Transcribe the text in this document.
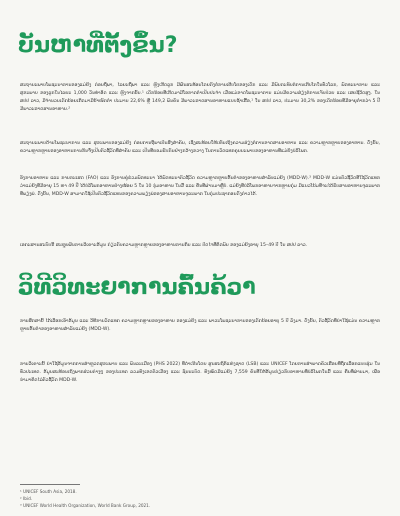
ບັນຫາທີ່ຕັ້ງຂຶ້ນ?

ສະຖານະພາບໂພຊະນາການຂອງແມ່ຍິງ ກ່ອນຖືພາ, ໄລຍະຖືພາ ແລະ ຫຼັງເກີດລູກ ມີຜົນສະທ້ອນໂດຍກົງຕໍ່ການເຕີບໂຕຂອງເດັກ ແລະ ມີພົນກະທົບຕໍ່ການເຕີບໂຕໃນທົ່ວໂລກ, ພັດທະນາການ ແລະ ສຸຂະພາບ ຂອງລູກໃນໄລຍະ 1,000 ວັນທຳອິດ ແລະ ຫຼັງຈາກນັ້ນ.¹ ເດັກນ້ອຍທີ່ເກີດມາມີໂອກາດຕ່ຳເປັນປະຈຳ ເມື່ອແມ່ຂາດໂພຊະນາການ ແມ່ນມີຄວາມສ່ຽງຕໍ່ການເຈັບປ່ວຍ ແລະ ເສຍຊີວິດສູງ. ໃນ ສປປ ລາວ, ມີຈຳນວນເດັກນ້ອຍເກີດມາມີນ້ຳໜັກຕ່ຳ ປະມານ 22,6% ຫຼື 149,2 ພັນຄົນ ມີພາວະຂາດສານອາຫານແບບຊ້ຳເຮື້ອ,¹ ໃນ ສປປ ລາວ, ປະມານ 30,2% ຂອງເດັກນ້ອຍທີ່ມີອາຍຸຕ່ຳກວ່າ 5 ປີ ມີພາວະຂາດສານອາຫານ.²

ສະຖານະພາບດ້ານໂພຊະນາການ ແລະ ສຸຂະພາບຂອງແມ່ຍິງ ກ່ອນການຖືພາເປັນສິ່ງສຳຄັນ, ເຊິ່ງສະທ້ອນໃຫ້ເຫັນເຖິງຄວາມສ່ຽງຕໍ່ການຂາດສານອາຫານ ແລະ ຄວາມຫຼາກຫຼາຍຂອງອາຫານ. ດັ່ງນັ້ນ, ຄວາມຫຼາກຫຼາຍຂອງອາຫານການກິນຈຶ່ງເປັນຕົວຊີ້ວັດທີ່ສຳຄັນ ແລະ ເປັນທີ່ຍອມຮັບກັນຢ່າງກວ້າງຂວາງ ໃນການວັດແທກຄຸນນະພາບຂອງອາຫານທີ່ແມ່ຍິງບໍລິໂພກ.

ອົງການອາຫານ ແລະ ການກະເສດ (FAO) ແລະ ອົງການຄູ່ຮ່ວມພັດທະນາ ໄດ້ພັດທະນາຕົວຊີ້ວັດ ຄວາມຫຼາກຫຼາຍຂັ້ນຕ່ຳຂອງອາຫານສຳລັບແມ່ຍິງ (MDD-W).³ MDD-W ແມ່ນຕົວຊີ້ວັດທີ່ໃຊ້ວັດແທກວ່າແມ່ຍິງທີ່ມີອາຍຸ 15 ຫາ 49 ປີ ໄດ້ບໍລິໂພກອາຫານຢ່າງໜ້ອຍ 5 ໃນ 10 ກຸ່ມອາຫານ ໃນມື້ ແລະ ຄືນທີ່ຜ່ານມາຫຼືບໍ່. ແມ່ຍິງທີ່ບໍລິໂພກອາຫານຈາກຫຼາຍກຸ່ມ ມີແນວໂນ້ມທີ່ຈະໄດ້ຮັບສານອາຫານຈຸລະພາກທີ່ພຽງພໍ. ດັ່ງນັ້ນ, MDD-W ສາມາດໃຊ້ເປັນຕົວຊີ້ວັດແທນຂອງຄວາມພຽງພໍຂອງສານອາຫານຈຸລະພາກ ໃນກຸ່ມປະຊາກອນດັ່ງກ່າວໄດ້.

ເອກະສານສະບັບນີ້ ສະຫຼຸບຜົນການວິເຄາະຂໍ້ມູນ ກ່ຽວກັບຄວາມຫຼາກຫຼາຍຂອງອາຫານການກິນ ແລະ ປັດໄຈທີ່ຕິດພັນ ຂອງແມ່ຍິງອາຍຸ 15–49 ປີ ໃນ ສປປ ລາວ.

ວິທີວິທະຍາການຄົ້ນຄ້ວາ

ການສຶກສານີ້ ໄດ້ເລືອກເອົາຂໍ້ມູນ ແລະ ວິທີການວັດແທກ ຄວາມຫຼາກຫຼາຍຂອງອາຫານ ຂອງແມ່ຍິງ ແລະ ພາວະໂພຊະນາການຂອງເດັກນ້ອຍອາຍຸ 5 ປີ ລົງມາ. ດັ່ງນັ້ນ, ຕົວຊີ້ວັດທີ່ນຳໃຊ້ແມ່ນ ຄວາມຫຼາກຫຼາຍຂັ້ນຕ່ຳຂອງອາຫານສຳລັບແມ່ຍິງ (MDD-W).

ການວິເຄາະນີ້ ນຳໃຊ້ຂໍ້ມູນຈາກການສຳຫຼວດສຸຂະພາບ ແລະ ພົນລະເມືອງ (PHS 2022) ທີ່ດຳເນີນໂດຍ ສູນສະຖິຕິແຫ່ງຊາດ (LSB) ແລະ UNICEF ໂດຍການສຳພາດຄົວເຮືອນທີ່ຖືກເລືອກແບບສຸ່ມ ໃນທົ່ວປະເທດ. ຂໍ້ມູນສະທ້ອນເຖິງພາກສ່ວນຕ່າງໆ ຂອງປະເທດ ລວມທັງເຂດຕົວເມືອງ ແລະ ຊົນນະບົດ. ທັງໝົດມີແມ່ຍິງ 7,559 ຄົນທີ່ໃຫ້ຂໍ້ມູນກ່ຽວກັບອາຫານທີ່ບໍລິໂພກໃນມື້ ແລະ ຄືນທີ່ຜ່ານມາ, ເພື່ອນຳມາຄິດໄລ່ຕົວຊີ້ວັດ MDD-W.

¹ UNICEF South Asia, 2018.

² Ibid.

³ UNICEF World Health Organization, World Bank Group, 2021.
